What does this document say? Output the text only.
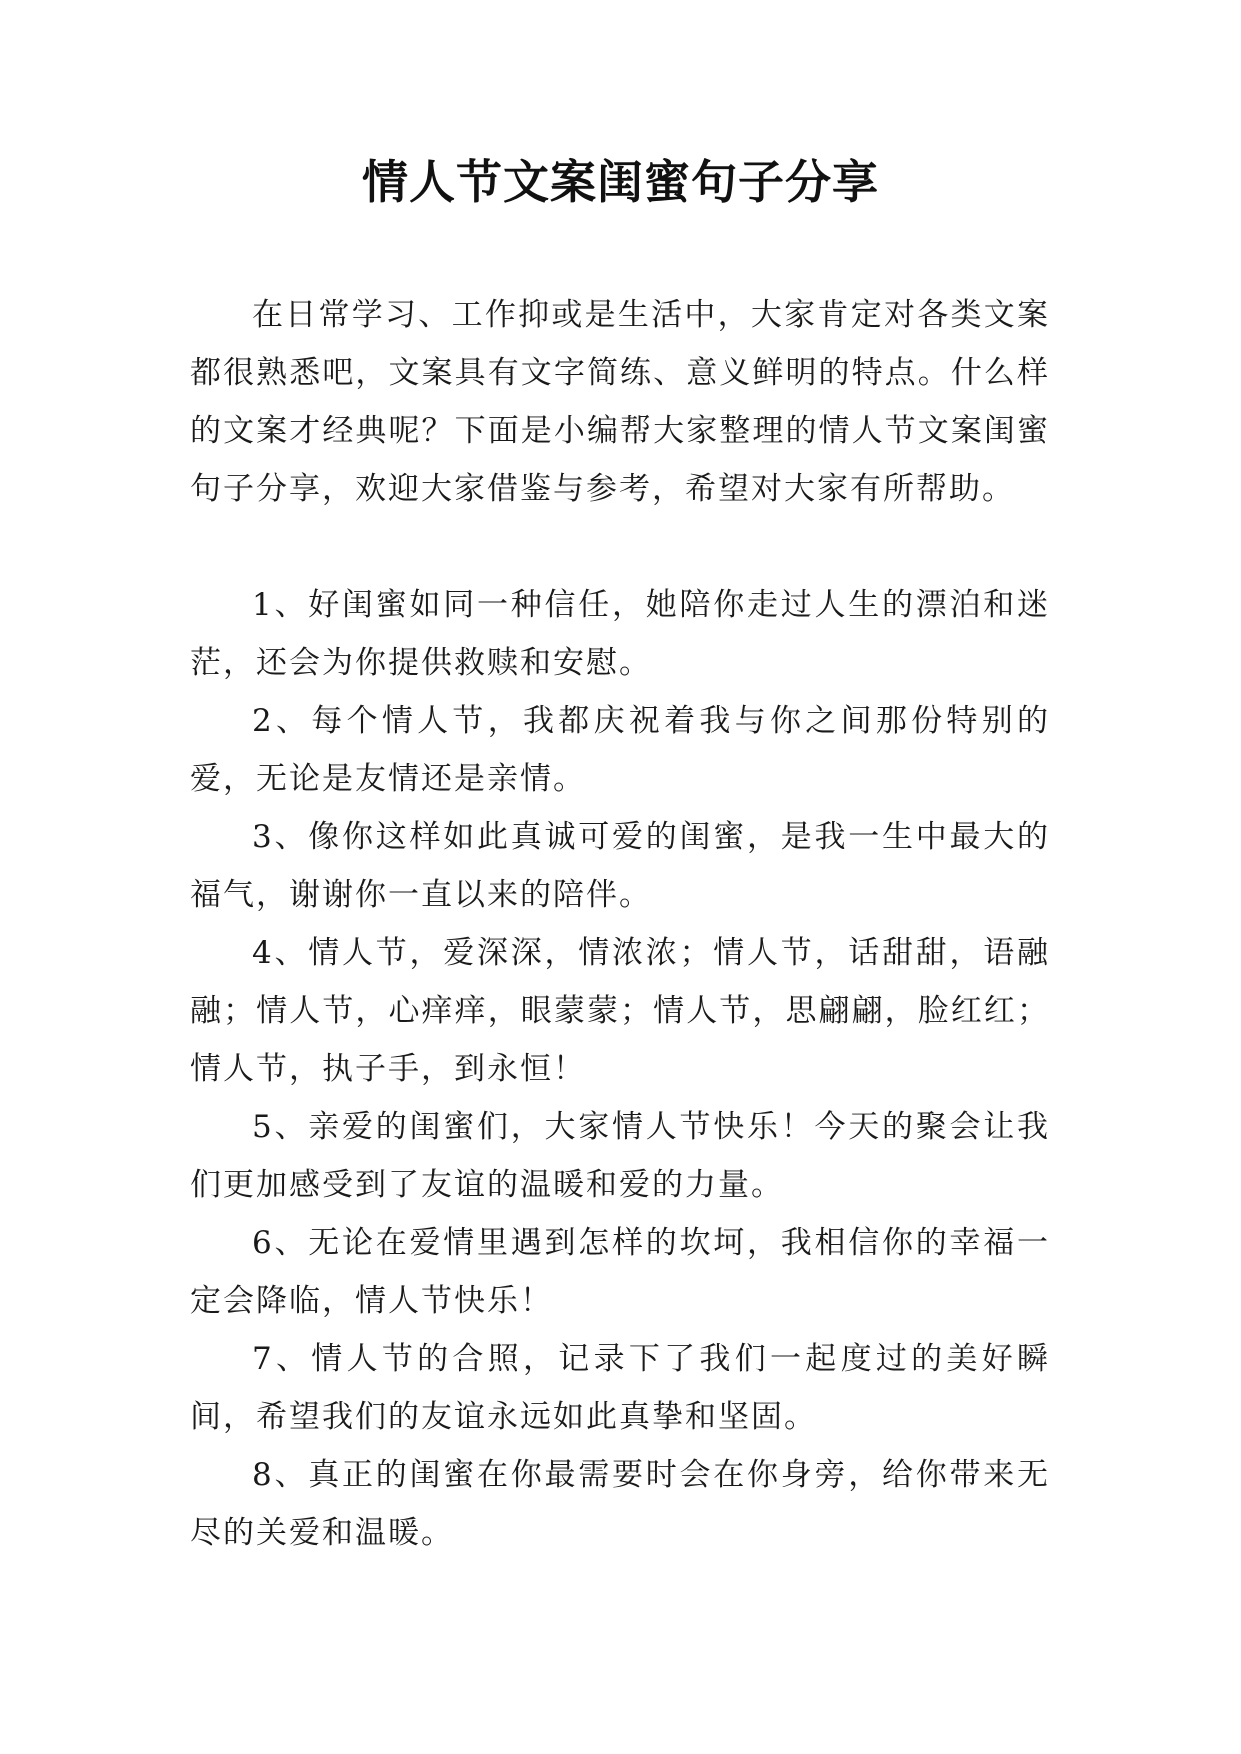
情人节文案闺蜜句子分享
在日常学习、工作抑或是生活中，大家肯定对各类文案都很熟悉吧，文案具有文字简练、意义鲜明的特点。什么样的文案才经典呢？下面是小编帮大家整理的情人节文案闺蜜句子分享，欢迎大家借鉴与参考，希望对大家有所帮助。

1、好闺蜜如同一种信任，她陪你走过人生的漂泊和迷茫，还会为你提供救赎和安慰。

2、每个情人节，我都庆祝着我与你之间那份特别的爱，无论是友情还是亲情。

3、像你这样如此真诚可爱的闺蜜，是我一生中最大的福气，谢谢你一直以来的陪伴。

4、情人节，爱深深，情浓浓；情人节，话甜甜，语融融；情人节，心痒痒，眼蒙蒙；情人节，思翩翩，脸红红；情人节，执子手，到永恒！

5、亲爱的闺蜜们，大家情人节快乐！今天的聚会让我们更加感受到了友谊的温暖和爱的力量。

6、无论在爱情里遇到怎样的坎坷，我相信你的幸福一定会降临，情人节快乐！

7、情人节的合照，记录下了我们一起度过的美好瞬间，希望我们的友谊永远如此真挚和坚固。

8、真正的闺蜜在你最需要时会在你身旁，给你带来无尽的关爱和温暖。
